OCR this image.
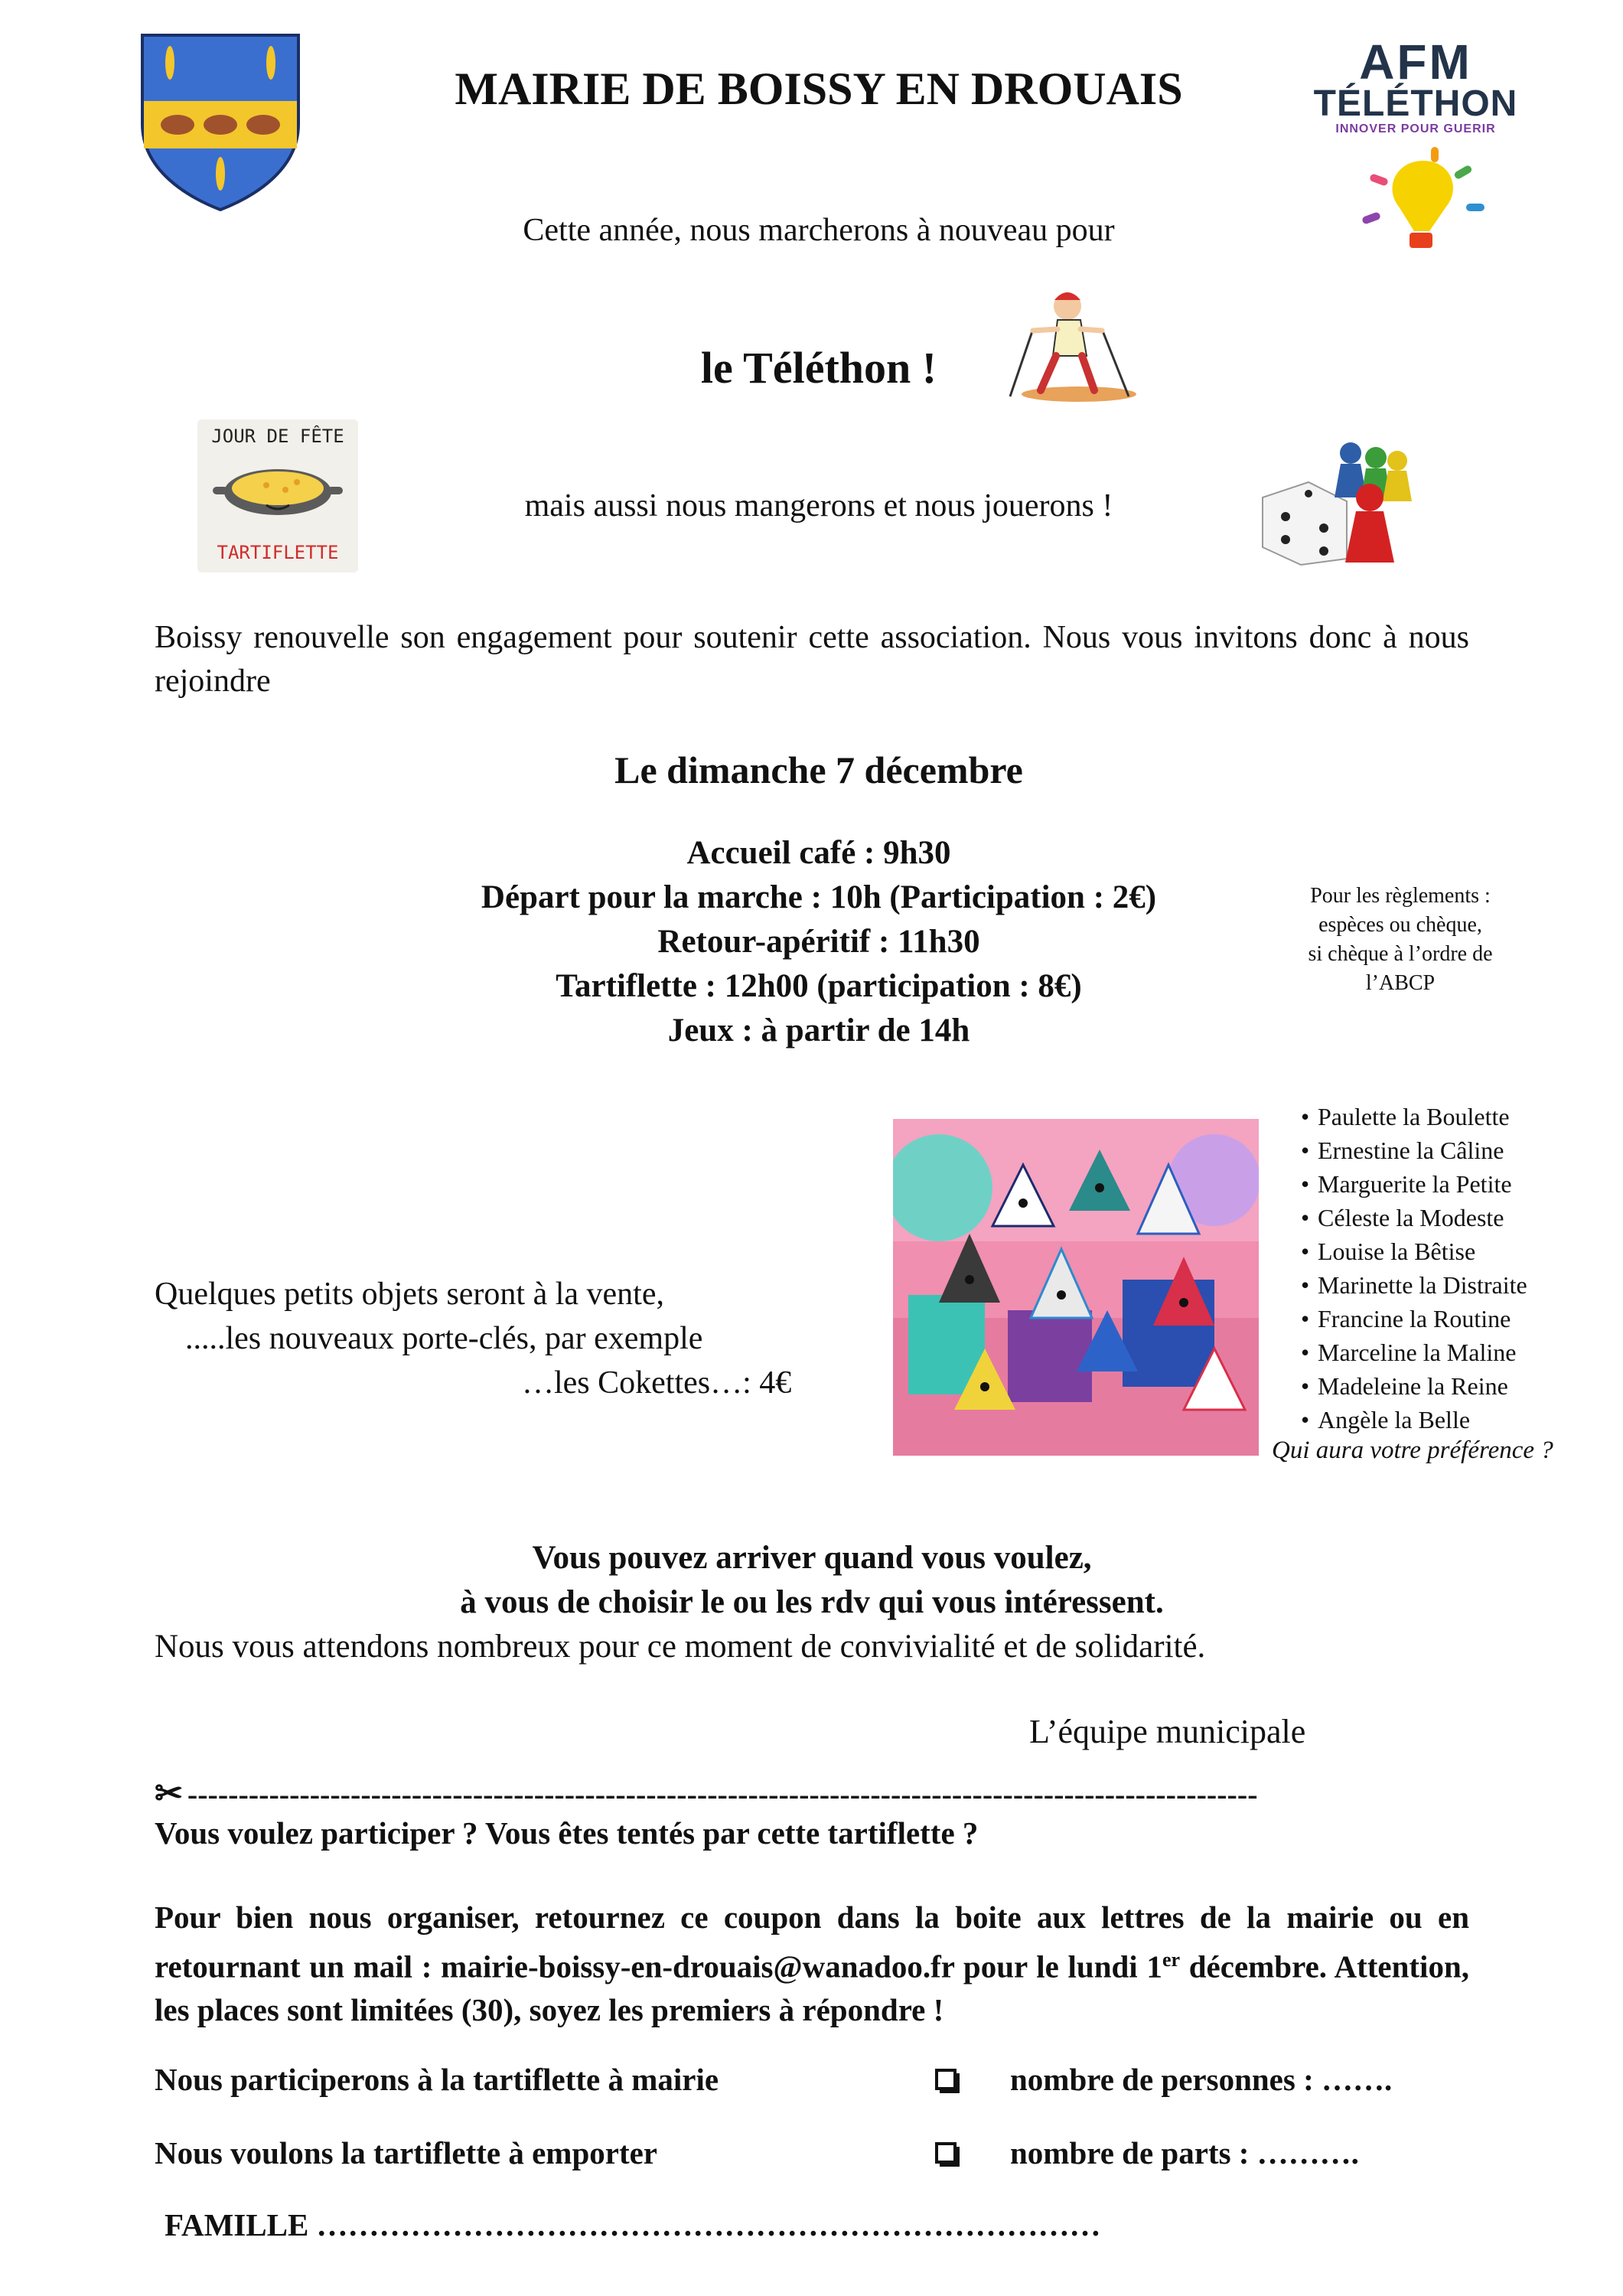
MAIRIE DE BOISSY EN DROUAIS	AFM
TÉLÉTHON
INNOVER POUR GUERIR
Cette année, nous marcherons à nouveau pour
le Téléthon !
JOUR DE FÊTE
TARTIFLETTE
mais aussi nous mangerons et nous jouerons !
Boissy renouvelle son engagement pour soutenir cette association. Nous vous invitons donc à nous rejoindre
Le dimanche 7 décembre
Accueil café : 9h30
Départ pour la marche : 10h (Participation : 2€)
Retour-apéritif : 11h30
Tartiflette : 12h00 (participation : 8€)
Jeux : à partir de 14h
Pour les règlements :
espèces ou chèque,
si chèque à l’ordre de
l’ABCP
Quelques petits objets seront à la vente,
.....les nouveaux porte-clés, par exemple
…les Cokettes…: 4€
• Paulette la Boulette
• Ernestine la Câline
• Marguerite la Petite
• Céleste la Modeste
• Louise la Bêtise
• Marinette la Distraite
• Francine la Routine
• Marceline la Maline
• Madeleine la Reine
• Angèle la Belle
Qui aura votre préférence ?
Vous pouvez arriver quand vous voulez,
à vous de choisir le ou les rdv qui vous intéressent.
Nous vous attendons nombreux pour ce moment de convivialité et de solidarité.
L’équipe municipale
✂ ---------------------------------------------------------------------------------------------------------
Vous voulez participer ? Vous êtes tentés par cette tartiflette ?
Pour bien nous organiser, retournez ce coupon dans la boite aux lettres de la mairie ou en retournant un mail : mairie-boissy-en-drouais@wanadoo.fr pour le lundi 1er décembre. Attention, les places sont limitées (30), soyez les premiers à répondre !
Nous participerons à la tartiflette à mairie	nombre de personnes : …….
Nous voulons la tartiflette à emporter	nombre de parts : ……….
FAMILLE …………………………………………………………………
